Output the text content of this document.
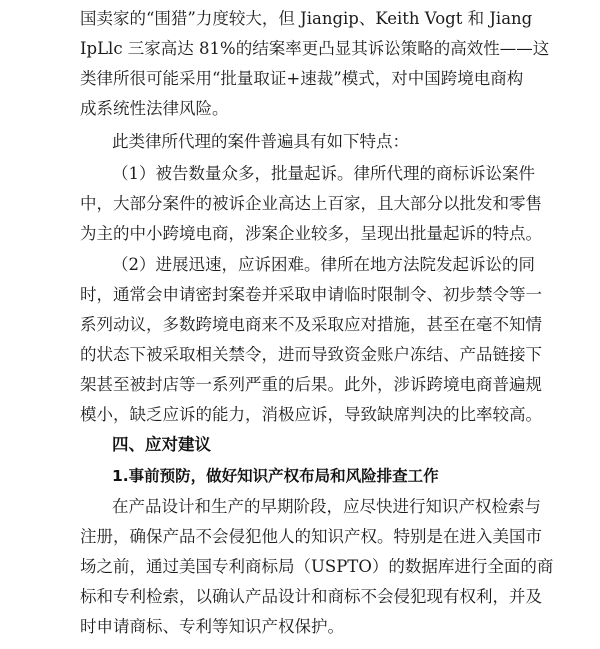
国卖家的“围猎”力度较大，但 Jiangip、Keith Vogt 和 Jiang
IpLlc 三家高达 81%的结案率更凸显其诉讼策略的高效性——这
类律所很可能采用“批量取证+速裁”模式，对中国跨境电商构
成系统性法律风险。
此类律所代理的案件普遍具有如下特点：
（1）被告数量众多，批量起诉。律所代理的商标诉讼案件
中，大部分案件的被诉企业高达上百家，且大部分以批发和零售
为主的中小跨境电商，涉案企业较多，呈现出批量起诉的特点。
（2）进展迅速，应诉困难。律所在地方法院发起诉讼的同
时，通常会申请密封案卷并采取申请临时限制令、初步禁令等一
系列动议，多数跨境电商来不及采取应对措施，甚至在毫不知情
的状态下被采取相关禁令，进而导致资金账户冻结、产品链接下
架甚至被封店等一系列严重的后果。此外，涉诉跨境电商普遍规
模小，缺乏应诉的能力，消极应诉，导致缺席判决的比率较高。
四、应对建议
1.事前预防，做好知识产权布局和风险排查工作
在产品设计和生产的早期阶段，应尽快进行知识产权检索与
注册，确保产品不会侵犯他人的知识产权。特别是在进入美国市
场之前，通过美国专利商标局（USPTO）的数据库进行全面的商
标和专利检索，以确认产品设计和商标不会侵犯现有权利，并及
时申请商标、专利等知识产权保护。
